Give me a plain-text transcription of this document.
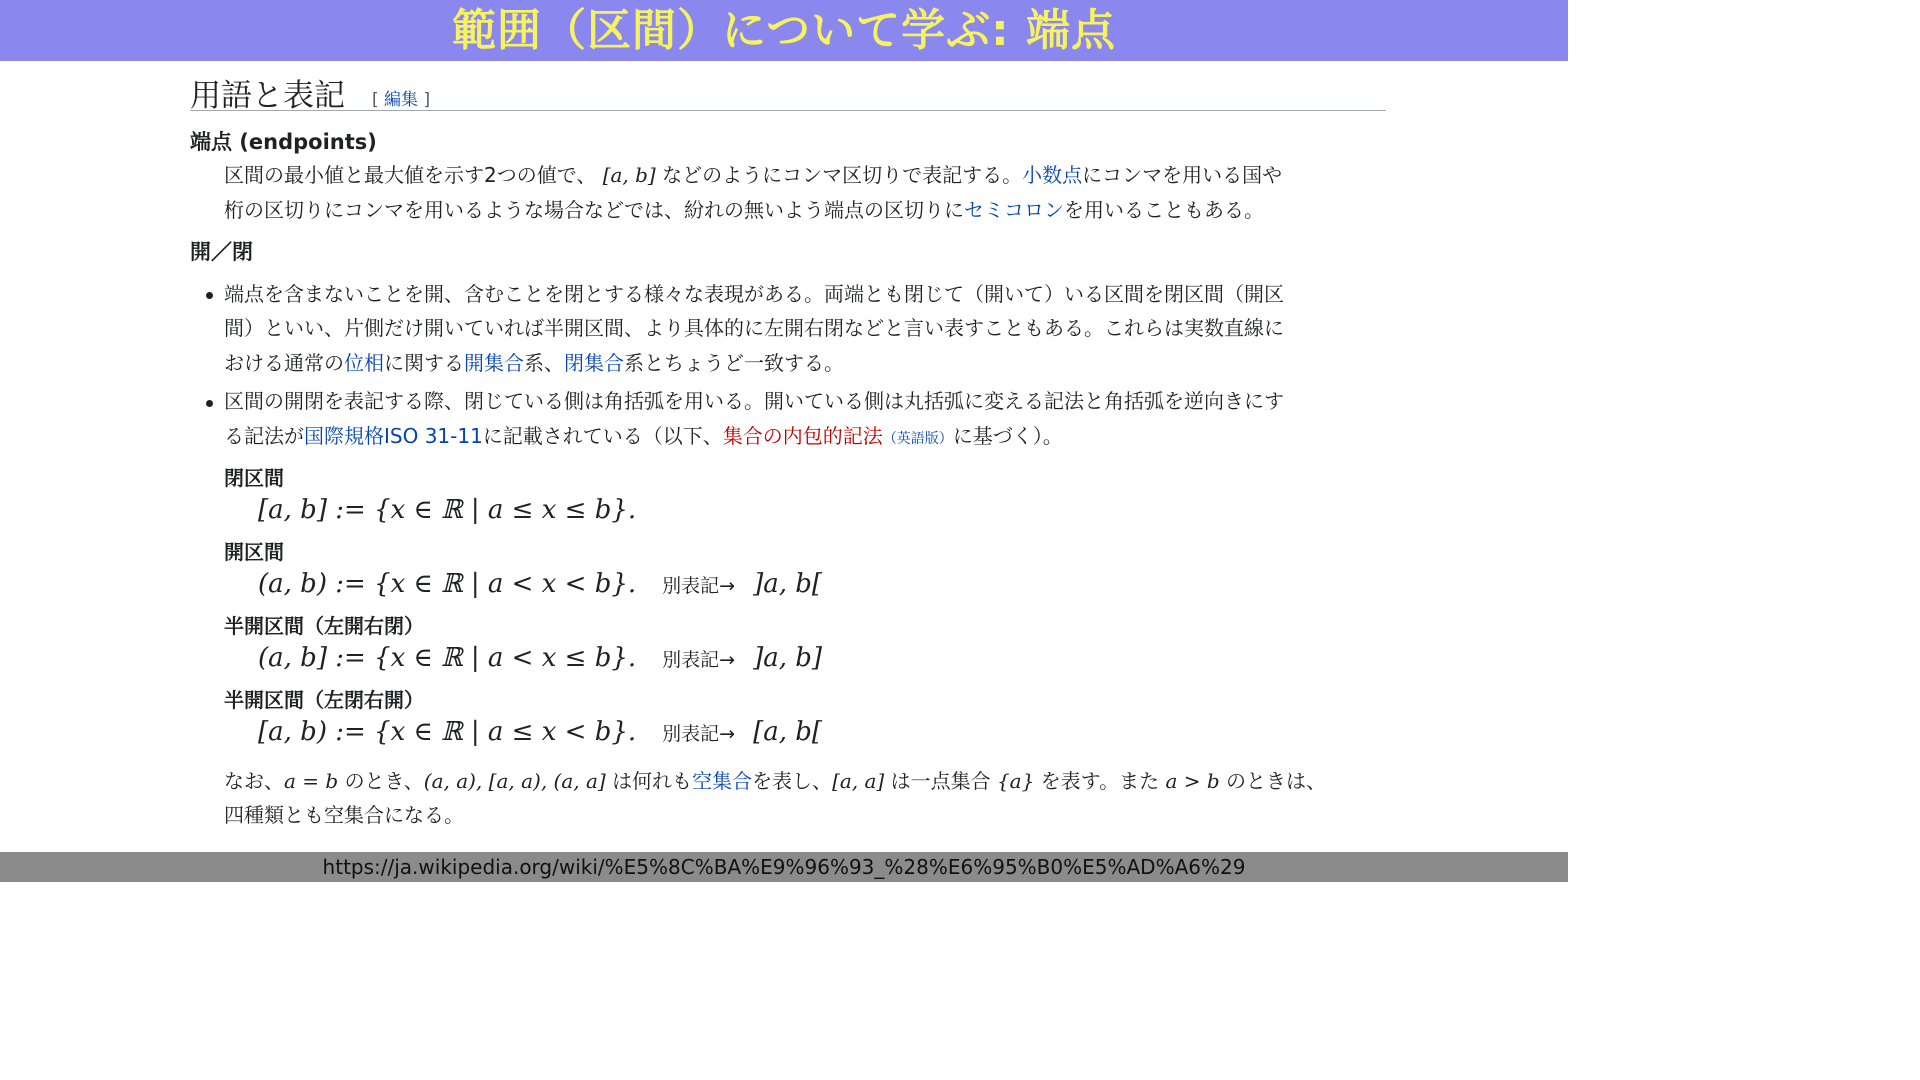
範囲（区間）について学ぶ: 端点
用語と表記 [ 編集 ]
端点 (endpoints)
区間の最小値と最大値を示す2つの値で、 [a, b] などのようにコンマ区切りで表記する。小数点にコンマを用いる国や
桁の区切りにコンマを用いるような場合などでは、紛れの無いよう端点の区切りにセミコロンを用いることもある。
開／閉
端点を含まないことを開、含むことを閉とする様々な表現がある。両端とも閉じて（開いて）いる区間を閉区間（開区
間）といい、片側だけ開いていれば半開区間、より具体的に左開右閉などと言い表すこともある。これらは実数直線に
おける通常の位相に関する開集合系、閉集合系とちょうど一致する。
区間の開閉を表記する際、閉じている側は角括弧を用いる。開いている側は丸括弧に変える記法と角括弧を逆向きにす
る記法が国際規格ISO 31-11に記載されている（以下、集合の内包的記法（英語版）に基づく）。
閉区間
[a, b] := {x ∈ ℝ | a ≤ x ≤ b}.
開区間
(a, b) := {x ∈ ℝ | a < x < b}. 別表記→ ]a, b[
半開区間（左開右閉）
(a, b] := {x ∈ ℝ | a < x ≤ b}. 別表記→ ]a, b]
半開区間（左閉右開）
[a, b) := {x ∈ ℝ | a ≤ x < b}. 別表記→ [a, b[
なお、a = b のとき、(a, a), [a, a), (a, a] は何れも空集合を表し、[a, a] は一点集合 {a} を表す。また a > b のときは、
四種類とも空集合になる。
https://ja.wikipedia.org/wiki/%E5%8C%BA%E9%96%93_%28%E6%95%B0%E5%AD%A6%29
